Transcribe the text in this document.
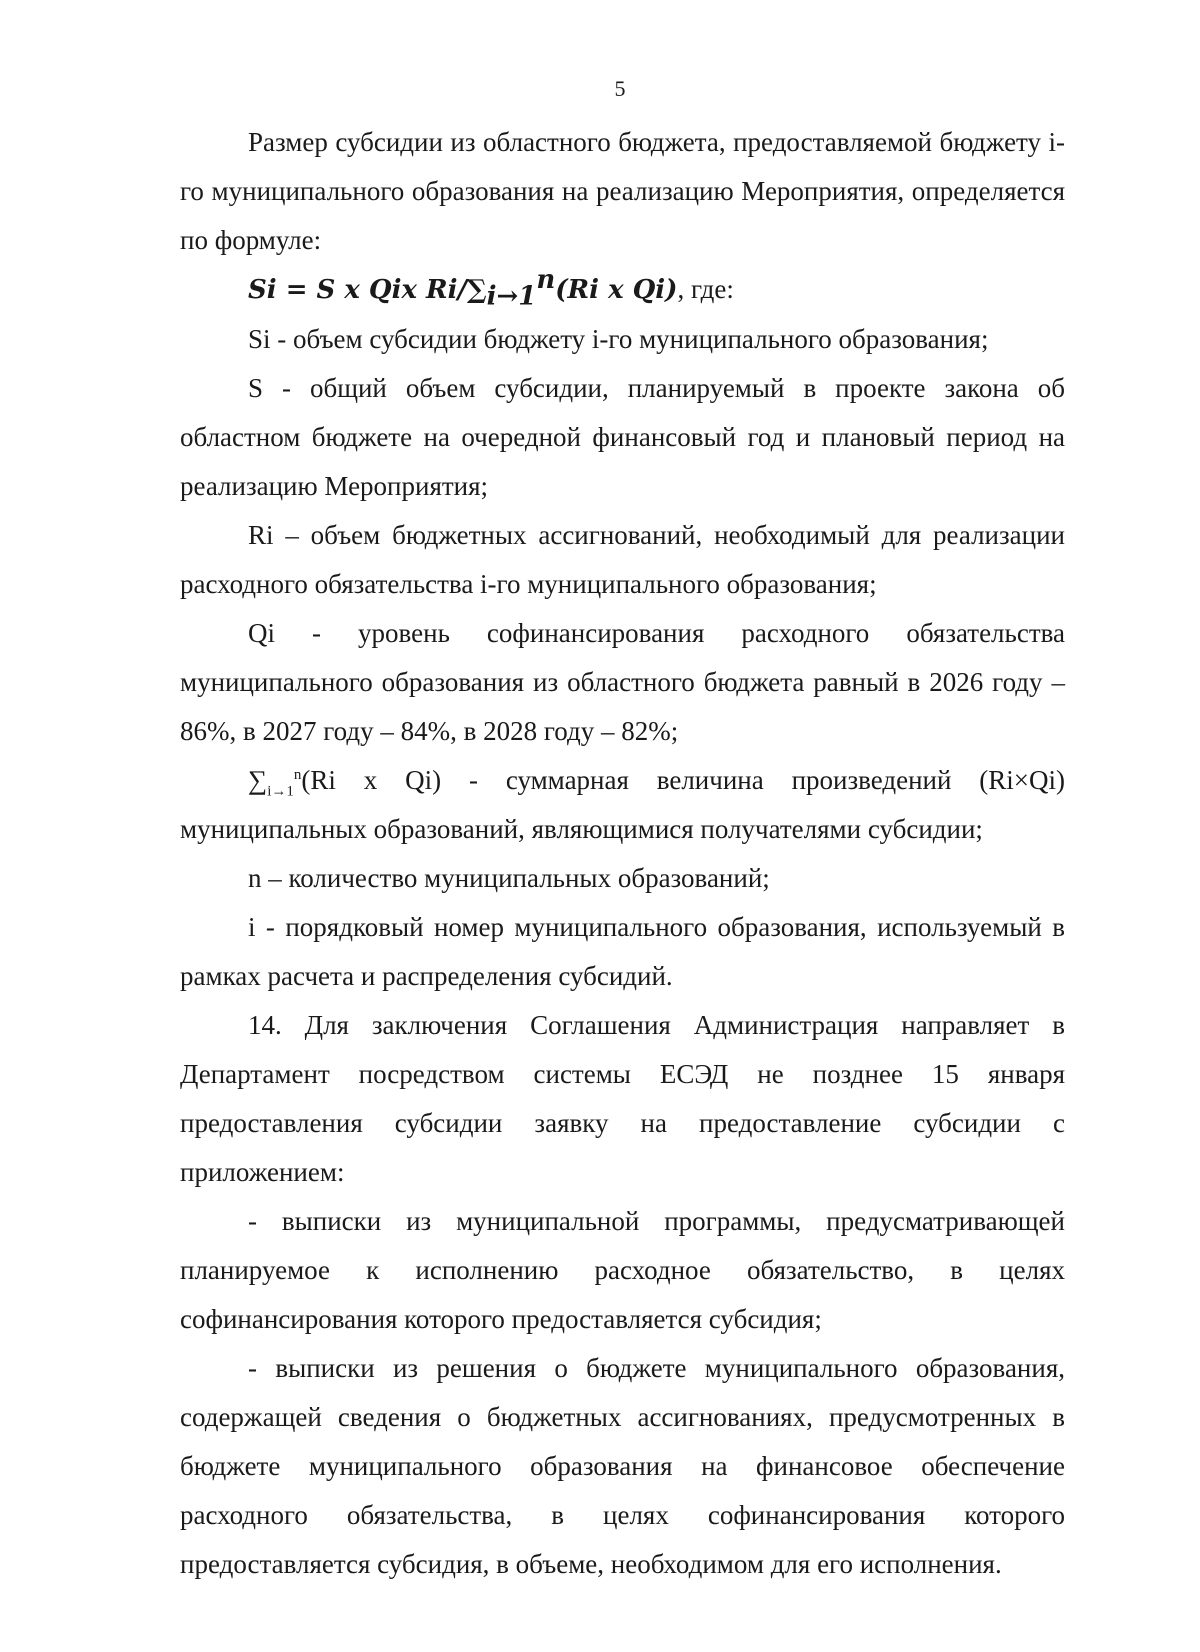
5

Размер субсидии из областного бюджета, предоставляемой бюджету i-го муниципального образования на реализацию Мероприятия, определяется по формуле:

Si = S x Qix $Ri/\sum_{i\to 1}^n(Ri$ x Qi), где:

Si - объем субсидии бюджету i-го муниципального образования;

S - общий объем субсидии, планируемый в проекте закона об областном бюджете на очередной финансовый год и плановый период на реализацию Мероприятия;

Ri – объем бюджетных ассигнований, необходимый для реализации расходного обязательства i-го муниципального образования;

Qi - уровень софинансирования расходного обязательства муниципального образования из областного бюджета равный в 2026 году – 86%, в 2027 году – 84%, в 2028 году – 82%;

$\sum_{i\to 1}^n(Ri$ x Qi) - суммарная величина произведений (Ri×Qi) муниципальных образований, являющимися получателями субсидии;

n – количество муниципальных образований;

i - порядковый номер муниципального образования, используемый в рамках расчета и распределения субсидий.

14. Для заключения Соглашения Администрация направляет в Департамент посредством системы ЕСЭД не позднее 15 января предоставления субсидии заявку на предоставление субсидии с приложением:

- выписки из муниципальной программы, предусматривающей планируемое к исполнению расходное обязательство, в целях софинансирования которого предоставляется субсидия;

- выписки из решения о бюджете муниципального образования, содержащей сведения о бюджетных ассигнованиях, предусмотренных в бюджете муниципального образования на финансовое обеспечение расходного обязательства, в целях софинансирования которого предоставляется субсидия, в объеме, необходимом для его исполнения.
